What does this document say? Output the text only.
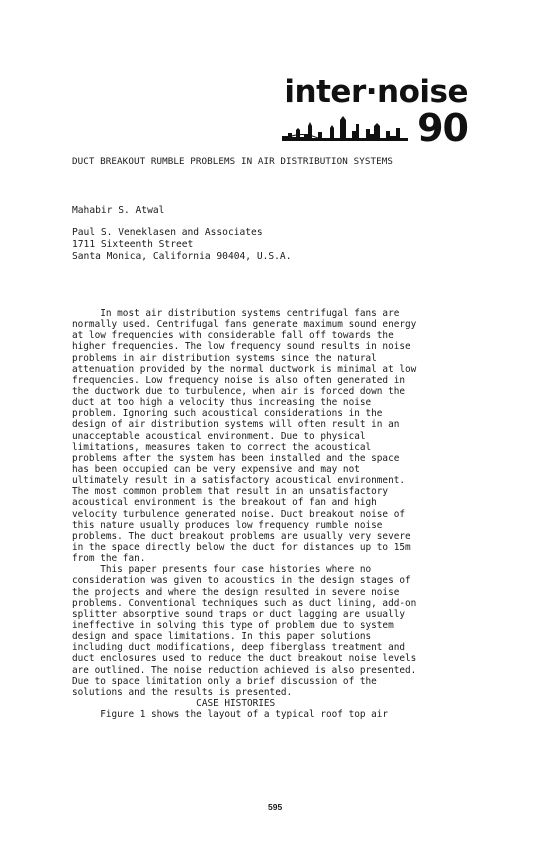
inter·noise
90
DUCT BREAKOUT RUMBLE PROBLEMS IN AIR DISTRIBUTION SYSTEMS
Mahabir S. Atwal
Paul S. Veneklasen and Associates
1711 Sixteenth Street
Santa Monica, California 90404, U.S.A.
In most air distribution systems centrifugal fans are
normally used. Centrifugal fans generate maximum sound energy
at low frequencies with considerable fall off towards the
higher frequencies. The low frequency sound results in noise
problems in air distribution systems since the natural
attenuation provided by the normal ductwork is minimal at low
frequencies. Low frequency noise is also often generated in
the ductwork due to turbulence, when air is forced down the
duct at too high a velocity thus increasing the noise
problem. Ignoring such acoustical considerations in the
design of air distribution systems will often result in an
unacceptable acoustical environment. Due to physical
limitations, measures taken to correct the acoustical
problems after the system has been installed and the space
has been occupied can be very expensive and may not
ultimately result in a satisfactory acoustical environment.
The most common problem that result in an unsatisfactory
acoustical environment is the breakout of fan and high
velocity turbulence generated noise. Duct breakout noise of
this nature usually produces low frequency rumble noise
problems. The duct breakout problems are usually very severe
in the space directly below the duct for distances up to 15m
from the fan.
This paper presents four case histories where no
consideration was given to acoustics in the design stages of
the projects and where the design resulted in severe noise
problems. Conventional techniques such as duct lining, add-on
splitter absorptive sound traps or duct lagging are usually
ineffective in solving this type of problem due to system
design and space limitations. In this paper solutions
including duct modifications, deep fiberglass treatment and
duct enclosures used to reduce the duct breakout noise levels
are outlined. The noise reduction achieved is also presented.
Due to space limitation only a brief discussion of the
solutions and the results is presented.
CASE HISTORIES
Figure 1 shows the layout of a typical roof top air
595
